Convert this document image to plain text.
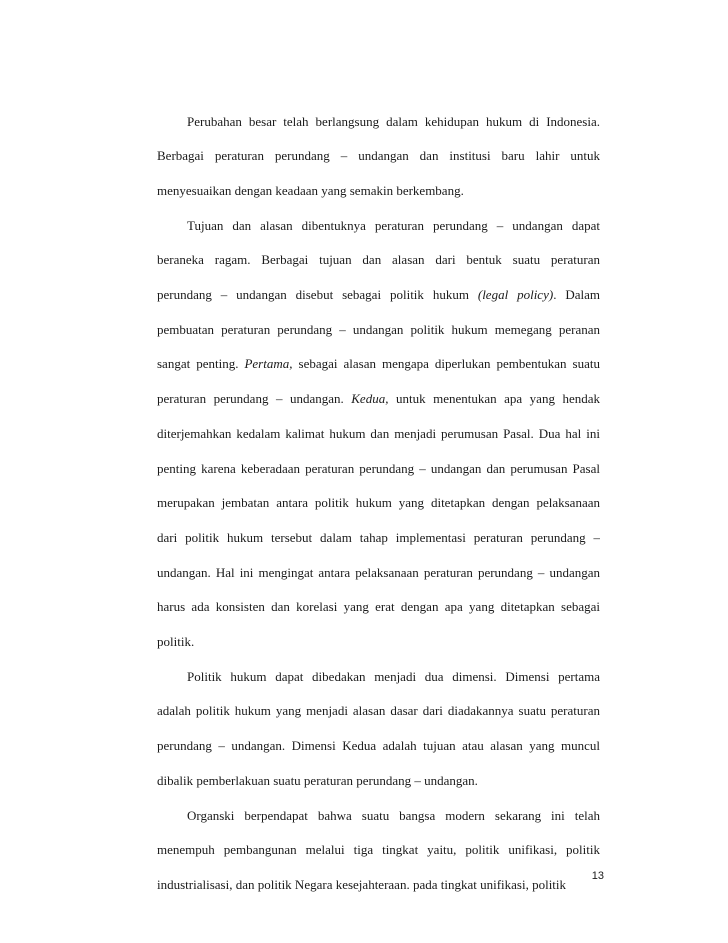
Perubahan besar telah berlangsung dalam kehidupan hukum di Indonesia.
Berbagai peraturan perundang – undangan dan institusi baru lahir untuk
menyesuaikan dengan keadaan yang semakin berkembang.
Tujuan dan alasan dibentuknya peraturan perundang – undangan dapat
beraneka ragam. Berbagai tujuan dan alasan dari bentuk suatu peraturan
perundang – undangan disebut sebagai politik hukum (legal policy). Dalam
pembuatan peraturan perundang – undangan politik hukum memegang peranan
sangat penting. Pertama, sebagai alasan mengapa diperlukan pembentukan suatu
peraturan perundang – undangan. Kedua, untuk menentukan apa yang hendak
diterjemahkan kedalam kalimat hukum dan menjadi perumusan Pasal. Dua hal ini
penting karena keberadaan peraturan perundang – undangan dan perumusan Pasal
merupakan jembatan antara politik hukum yang ditetapkan dengan pelaksanaan
dari politik hukum tersebut dalam tahap implementasi peraturan perundang –
undangan. Hal ini mengingat antara pelaksanaan peraturan perundang – undangan
harus ada konsisten dan korelasi yang erat dengan apa yang ditetapkan sebagai
politik.
Politik hukum dapat dibedakan menjadi dua dimensi. Dimensi pertama
adalah politik hukum yang menjadi alasan dasar dari diadakannya suatu peraturan
perundang – undangan. Dimensi Kedua adalah tujuan atau alasan yang muncul
dibalik pemberlakuan suatu peraturan perundang – undangan.
Organski berpendapat bahwa suatu bangsa modern sekarang ini telah
menempuh pembangunan melalui tiga tingkat yaitu, politik unifikasi, politik
industrialisasi, dan politik Negara kesejahteraan. pada tingkat unifikasi, politik
13
